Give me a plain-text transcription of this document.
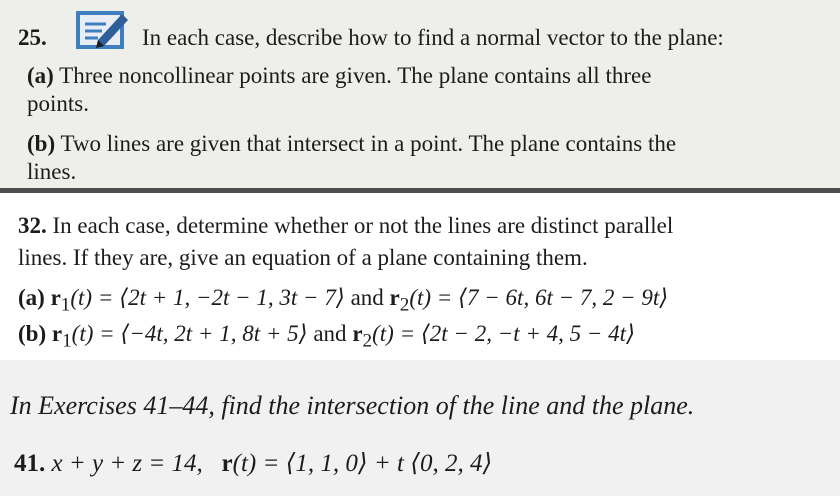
25.	In each case, describe how to find a normal vector to the plane:
(a) Three noncollinear points are given. The plane contains all three
points.
(b) Two lines are given that intersect in a point. The plane contains the
lines.
32. In each case, determine whether or not the lines are distinct parallel
lines. If they are, give an equation of a plane containing them.
(a) $r_1(t)$ = ⟨2t + 1, −2t − 1, 3t − 7⟩ and $r_2(t)$ = ⟨7 − 6t, 6t − 7, 2 − 9t⟩
(b) $r_1(t)$ = ⟨−4t, 2t + 1, 8t + 5⟩ and $r_2(t)$ = ⟨2t − 2, −t + 4, 5 − 4t⟩
In Exercises 41–44, find the intersection of the line and the plane.
41. x + y + z = 14, r(t) = ⟨1, 1, 0⟩ + t ⟨0, 2, 4⟩
